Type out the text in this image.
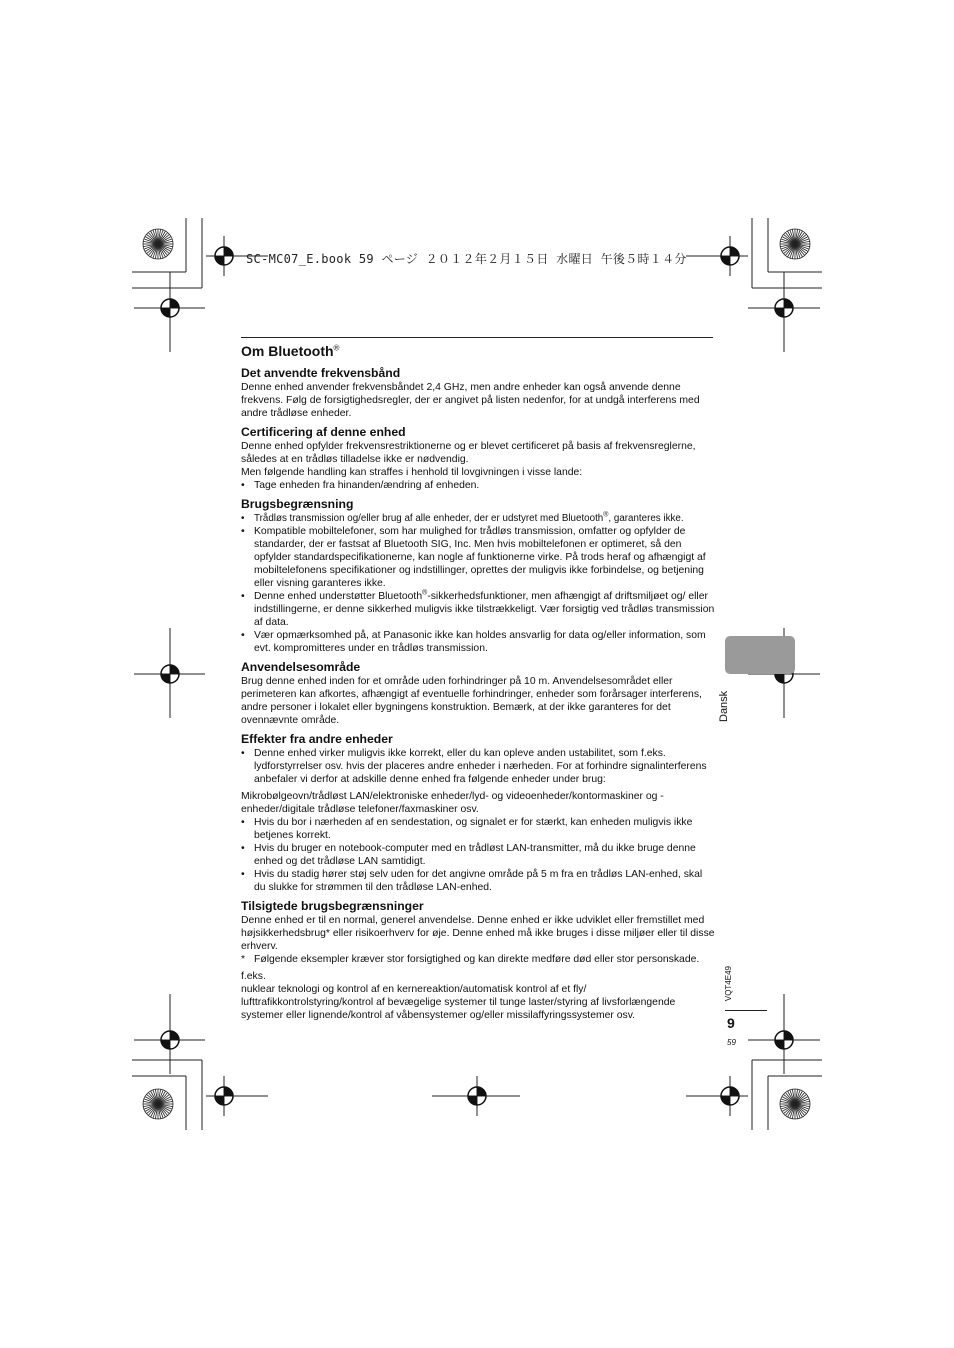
SC-MC07_E.book 59 ページ ２０１２年２月１５日 水曜日 午後５時１４分
Om Bluetooth®
Det anvendte frekvensbånd

Denne enhed anvender frekvensbåndet 2,4 GHz, men andre enheder kan også anvende denne frekvens. Følg de forsigtighedsregler, der er angivet på listen nedenfor, for at undgå interferens med andre trådløse enheder.

Certificering af denne enhed

Denne enhed opfylder frekvensrestriktionerne og er blevet certificeret på basis af frekvensreglerne, således at en trådløs tilladelse ikke er nødvendig.

Men følgende handling kan straffes i henhold til lovgivningen i visse lande:

• Tage enheden fra hinanden/ændring af enheden.
Brugsbegrænsning
• Trådløs transmission og/eller brug af alle enheder, der er udstyret med Bluetooth®, garanteres ikke.
• Kompatible mobiltelefoner, som har mulighed for trådløs transmission, omfatter og opfylder de standarder, der er fastsat af Bluetooth SIG, Inc. Men hvis mobiltelefonen er optimeret, så den opfylder standardspecifikationerne, kan nogle af funktionerne virke. På trods heraf og afhængigt af mobiltelefonens specifikationer og indstillinger, oprettes der muligvis ikke forbindelse, og betjening eller visning garanteres ikke.
• Denne enhed understøtter Bluetooth®-sikkerhedsfunktioner, men afhængigt af driftsmiljøet og/ eller indstillingerne, er denne sikkerhed muligvis ikke tilstrækkeligt. Vær forsigtig ved trådløs transmission af data.
• Vær opmærksomhed på, at Panasonic ikke kan holdes ansvarlig for data og/eller information, som evt. kompromitteres under en trådløs transmission.
Anvendelsesområde

Brug denne enhed inden for et område uden forhindringer på 10 m. Anvendelsesområdet eller perimeteren kan afkortes, afhængigt af eventuelle forhindringer, enheder som forårsager interferens, andre personer i lokalet eller bygningens konstruktion. Bemærk, at der ikke garanteres for det ovennævnte område.

Effekter fra andre enheder
• Denne enhed virker muligvis ikke korrekt, eller du kan opleve anden ustabilitet, som f.eks. lydforstyrrelser osv. hvis der placeres andre enheder i nærheden. For at forhindre signalinterferens anbefaler vi derfor at adskille denne enhed fra følgende enheder under brug:

Mikrobølgeovn/trådløst LAN/elektroniske enheder/lyd- og videoenheder/kontormaskiner og -enheder/digitale trådløse telefoner/faxmaskiner osv.

• Hvis du bor i nærheden af en sendestation, og signalet er for stærkt, kan enheden muligvis ikke betjenes korrekt.
• Hvis du bruger en notebook-computer med en trådløst LAN-transmitter, må du ikke bruge denne enhed og det trådløse LAN samtidigt.
• Hvis du stadig hører støj selv uden for det angivne område på 5 m fra en trådløs LAN-enhed, skal du slukke for strømmen til den trådløse LAN-enhed.
Tilsigtede brugsbegrænsninger

Denne enhed er til en normal, generel anvendelse. Denne enhed er ikke udviklet eller fremstillet med højsikkerhedsbrug* eller risikoerhverv for øje. Denne enhed må ikke bruges i disse miljøer eller til disse erhverv.

* Følgende eksempler kræver stor forsigtighed og kan direkte medføre død eller stor personskade.

f.eks.

nuklear teknologi og kontrol af en kernereaktion/automatisk kontrol af et fly/ lufttrafikkontrolstyring/kontrol af bevægelige systemer til tunge laster/styring af livsforlængende systemer eller lignende/kontrol af våbensystemer og/eller missilaffyringssystemer osv.

Dansk
VQT4E49
9
59
